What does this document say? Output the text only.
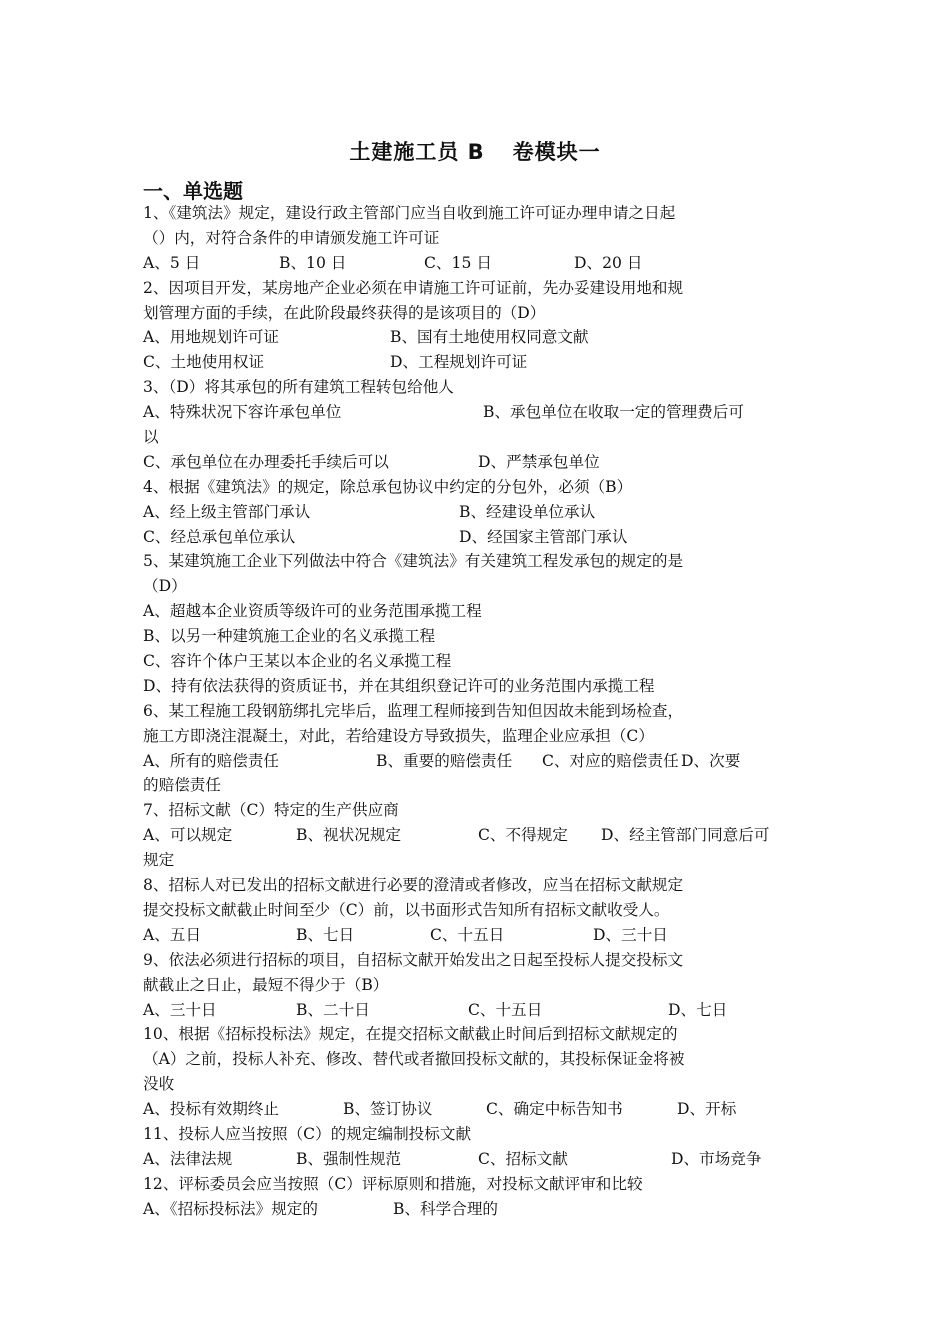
土建施工员 B 卷模块一
一、单选题
1、《建筑法》规定，建设行政主管部门应当自收到施工许可证办理申请之日起
（）内，对符合条件的申请颁发施工许可证
A、5 日	B、10 日	C、15 日	D、20 日
2、因项目开发，某房地产企业必须在申请施工许可证前，先办妥建设用地和规
划管理方面的手续，在此阶段最终获得的是该项目的（D）
A、用地规划许可证	B、国有土地使用权同意文献
C、土地使用权证	D、工程规划许可证
3、（D）将其承包的所有建筑工程转包给他人
A、特殊状况下容许承包单位	B、承包单位在收取一定的管理费后可
以
C、承包单位在办理委托手续后可以	D、严禁承包单位
4、根据《建筑法》的规定，除总承包协议中约定的分包外，必须（B）
A、经上级主管部门承认	B、经建设单位承认
C、经总承包单位承认	D、经国家主管部门承认
5、某建筑施工企业下列做法中符合《建筑法》有关建筑工程发承包的规定的是
（D）
A、超越本企业资质等级许可的业务范围承揽工程
B、以另一种建筑施工企业的名义承揽工程
C、容许个体户王某以本企业的名义承揽工程
D、持有依法获得的资质证书，并在其组织登记许可的业务范围内承揽工程
6、某工程施工段钢筋绑扎完毕后，监理工程师接到告知但因故未能到场检查，
施工方即浇注混凝土，对此，若给建设方导致损失，监理企业应承担（C）
A、所有的赔偿责任	B、重要的赔偿责任 C、对应的赔偿责任 D、次要
的赔偿责任
7、招标文献（C）特定的生产供应商
A、可以规定	B、视状况规定	C、不得规定 D、经主管部门同意后可
规定
8、招标人对已发出的招标文献进行必要的澄清或者修改，应当在招标文献规定
提交投标文献截止时间至少（C）前，以书面形式告知所有招标文献收受人。
A、五日	B、七日	C、十五日	D、三十日
9、依法必须进行招标的项目，自招标文献开始发出之日起至投标人提交投标文
献截止之日止，最短不得少于（B）
A、三十日	B、二十日	C、十五日	D、七日
10、根据《招标投标法》规定，在提交招标文献截止时间后到招标文献规定的
（A）之前，投标人补充、修改、替代或者撤回投标文献的，其投标保证金将被
没收
A、投标有效期终止	B、签订协议	C、确定中标告知书	D、开标
11、投标人应当按照（C）的规定编制投标文献
A、法律法规	B、强制性规范	C、招标文献	D、市场竞争
12、评标委员会应当按照（C）评标原则和措施，对投标文献评审和比较
A、《招标投标法》规定的	B、科学合理的
